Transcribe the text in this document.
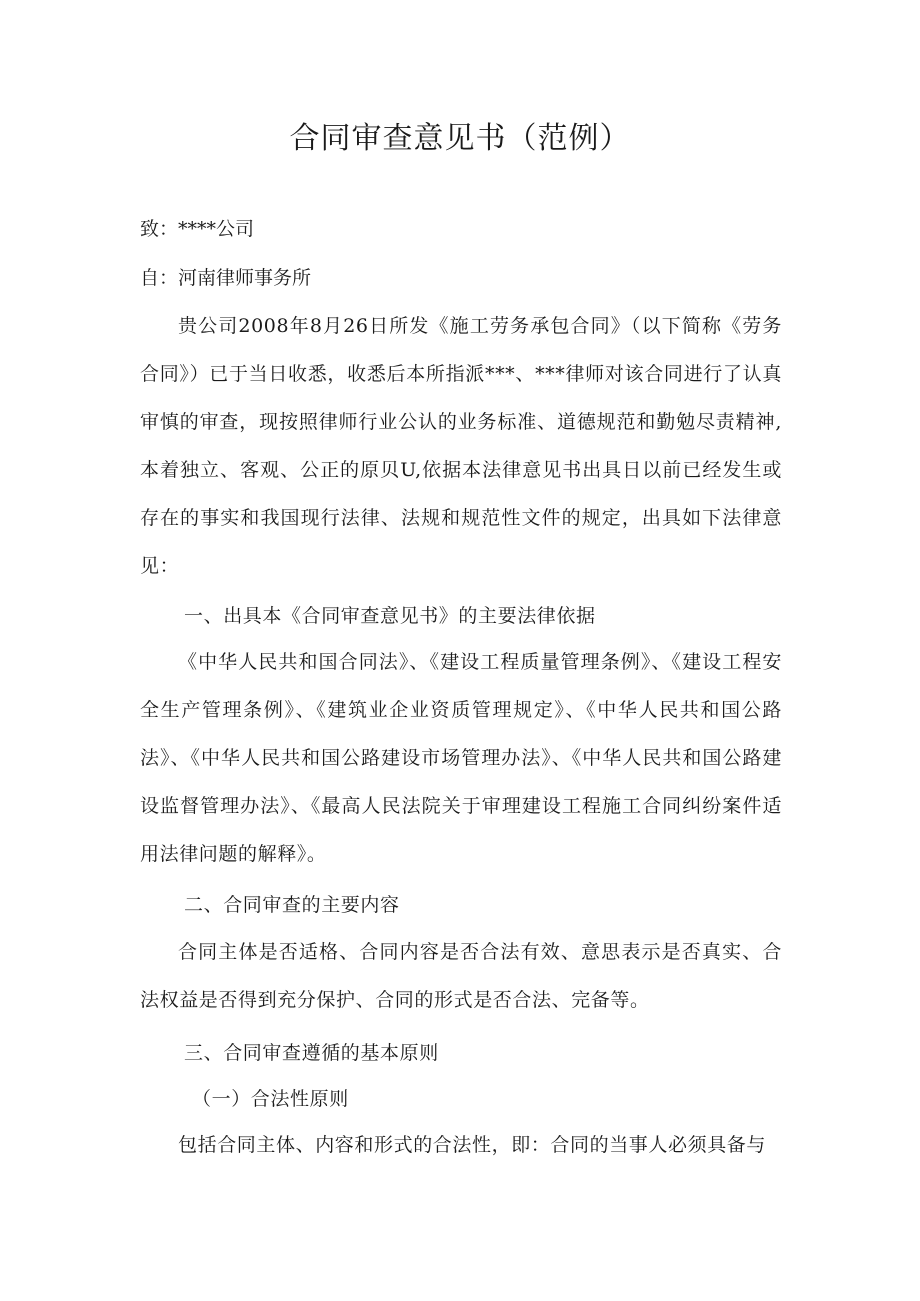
合同审查意见书（范例）

致：****公司

自：河南律师事务所

贵公司2008年8月26日所发《施工劳务承包合同》（以下简称《劳务合同》）已于当日收悉，收悉后本所指派***、***律师对该合同进行了认真审慎的审查，现按照律师行业公认的业务标准、道德规范和勤勉尽责精神,本着独立、客观、公正的原贝U,依据本法律意见书出具日以前已经发生或存在的事实和我国现行法律、法规和规范性文件的规定，出具如下法律意见：

一、出具本《合同审查意见书》的主要法律依据

《中华人民共和国合同法》、《建设工程质量管理条例》、《建设工程安全生产管理条例》、《建筑业企业资质管理规定》、《中华人民共和国公路法》、《中华人民共和国公路建设市场管理办法》、《中华人民共和国公路建设监督管理办法》、《最高人民法院关于审理建设工程施工合同纠纷案件适用法律问题的解释》。

二、合同审查的主要内容

合同主体是否适格、合同内容是否合法有效、意思表示是否真实、合法权益是否得到充分保护、合同的形式是否合法、完备等。

三、合同审查遵循的基本原则

（一）合法性原则

包括合同主体、内容和形式的合法性，即：合同的当事人必须具备与
